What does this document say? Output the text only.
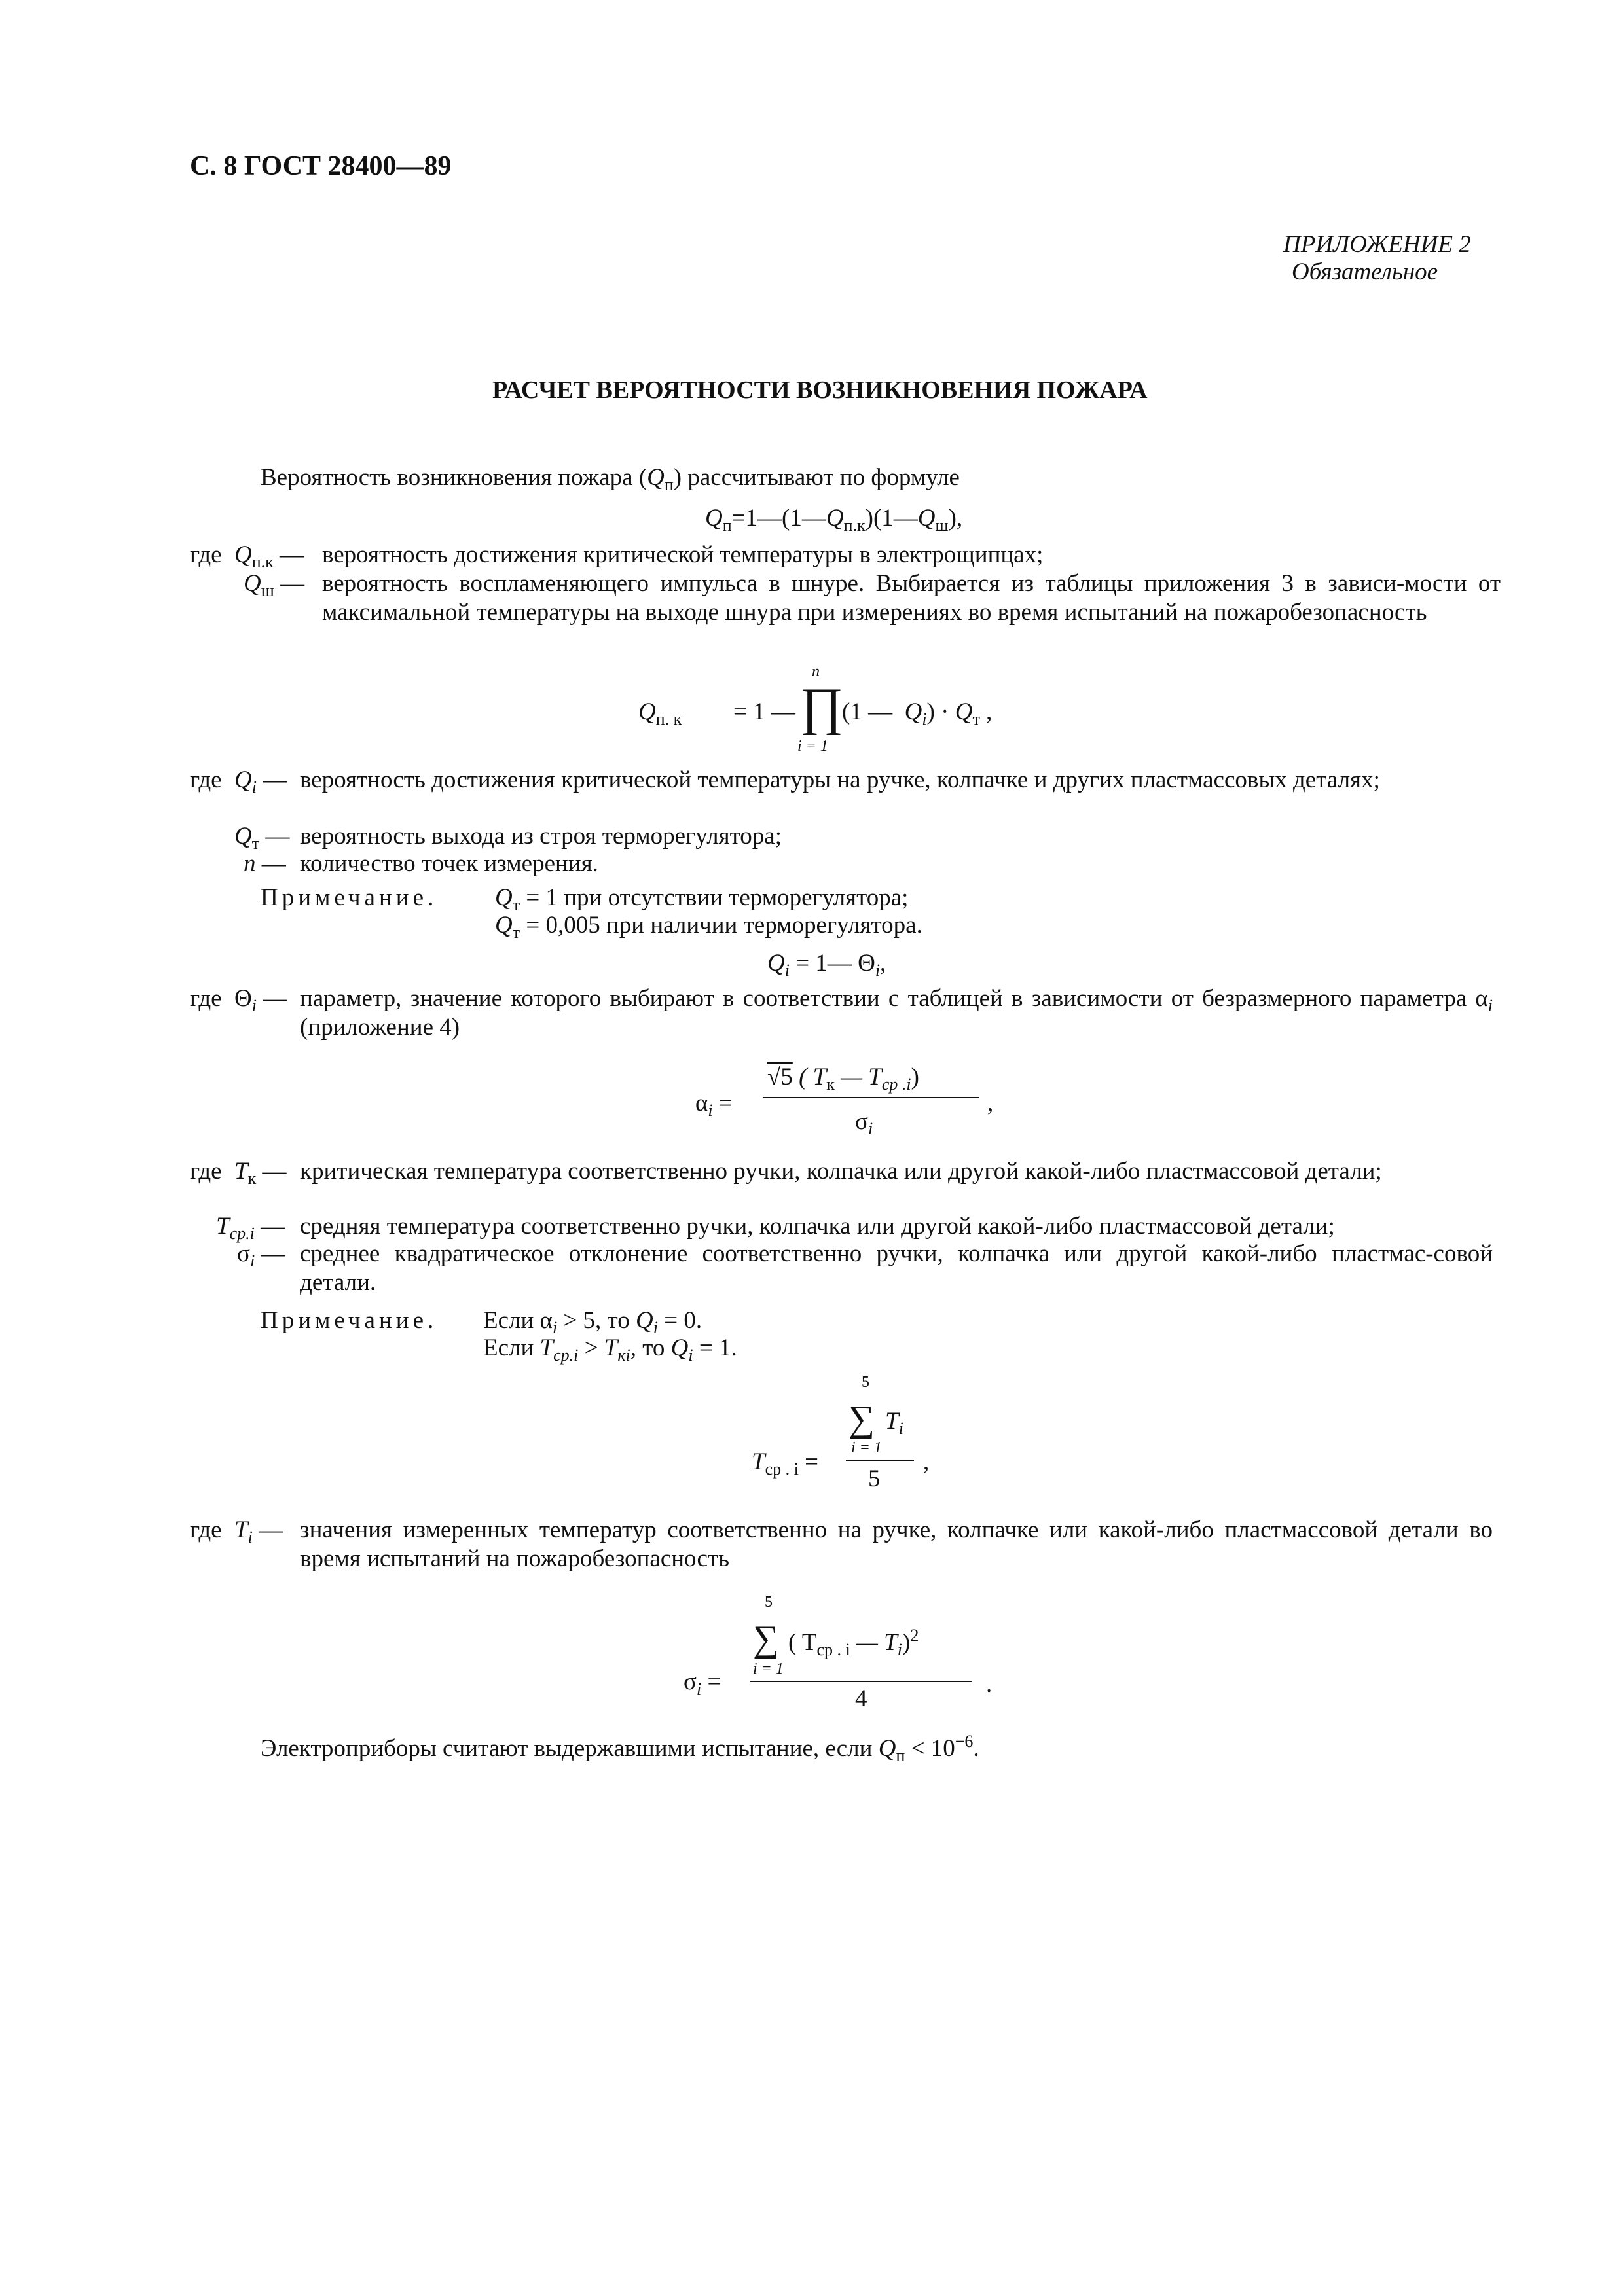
С. 8 ГОСТ 28400—89
ПРИЛОЖЕНИЕ 2
Обязательное
РАСЧЕТ ВЕРОЯТНОСТИ ВОЗНИКНОВЕНИЯ ПОЖАРА
Вероятность возникновения пожара $(Q_п)$ рассчитывают по формуле
$Q_п=1—(1—Q_{п.к})(1—Q_ш)$,
где $Q_{п.к}$ — вероятность достижения критической температуры в электрощипцах;
$Q_ш$ — вероятность воспламеняющего импульса в шнуре. Выбирается из таблицы приложения 3 в зависи-мости от максимальной температуры на выходе шнура при измерениях во время испытаний на пожаробезопасность
n
$Q_{п. к} = 1$ — ∏
i = 1
(1 — $Q_i) \cdot Q_т$ ,
где $Q_i$ — вероятность достижения критической температуры на ручке, колпачке и других пластмассовых деталях;
$Q_т$ — вероятность выхода из строя терморегулятора;
n — количество точек измерения.
Примечание. $Q_т = 1$ при отсутствии терморегулятора;
$Q_т = 0,005$ при наличии терморегулятора.
$Q_i$ = 1— $\Theta_i$,
где $\Theta_i$ — параметр, значение которого выбирают в соответствии с таблицей в зависимости от безразмерного параметра $\alpha_i$ (приложение 4)
$\alpha_i$ =
√5 ( $T_к$ — $T_{ср .i}$)
$\sigma_i$
,
где $T_к$ — критическая температура соответственно ручки, колпачка или другой какой-либо пластмассовой детали;
$T_{ср.i}$ — средняя температура соответственно ручки, колпачка или другой какой-либо пластмассовой детали;
$\sigma_i$ — среднее квадратическое отклонение соответственно ручки, колпачка или другой какой-либо пластмас-совой детали.
Примечание. Если $\alpha_i > 5$, то $Q_i = 0$.
Если $T_{ср.i} > T_{кi}$, то $Q_i = 1$.
5
∑ $T_i$
i = 1
5
$T_{ср . i}$ =	,
где $T_i$ — значения измеренных температур соответственно на ручке, колпачке или какой-либо пластмассовой детали во время испытаний на пожаробезопасность
5
∑ ( $T_{ср . i}$ — $T_i)^2$
i = 1
4
$\sigma_i$ =	.
Электроприборы считают выдержавшими испытание, если $Q_п < 10^{-6}$.
